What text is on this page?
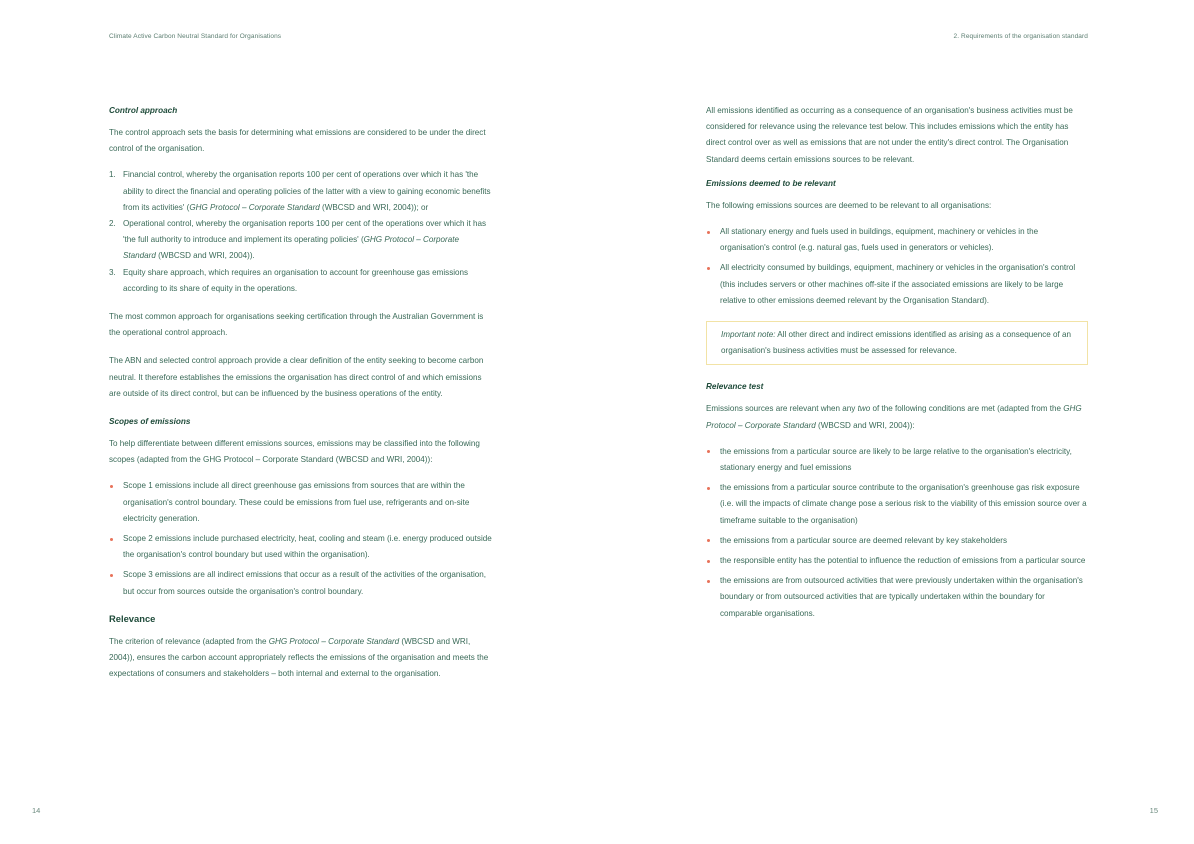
Climate Active Carbon Neutral Standard for Organisations	2. Requirements of the organisation standard
Control approach

The control approach sets the basis for determining what emissions are considered to be under the direct control of the organisation.

1. Financial control, whereby the organisation reports 100 per cent of operations over which it has 'the ability to direct the financial and operating policies of the latter with a view to gaining economic benefits from its activities' (GHG Protocol – Corporate Standard (WBCSD and WRI, 2004)); or
2. Operational control, whereby the organisation reports 100 per cent of the operations over which it has 'the full authority to introduce and implement its operating policies' (GHG Protocol – Corporate Standard (WBCSD and WRI, 2004)).
3. Equity share approach, which requires an organisation to account for greenhouse gas emissions according to its share of equity in the operations.

The most common approach for organisations seeking certification through the Australian Government is the operational control approach.

The ABN and selected control approach provide a clear definition of the entity seeking to become carbon neutral. It therefore establishes the emissions the organisation has direct control of and which emissions are outside of its direct control, but can be influenced by the business operations of the entity.

Scopes of emissions

To help differentiate between different emissions sources, emissions may be classified into the following scopes (adapted from the GHG Protocol – Corporate Standard (WBCSD and WRI, 2004)):

Scope 1 emissions include all direct greenhouse gas emissions from sources that are within the organisation's control boundary. These could be emissions from fuel use, refrigerants and on-site electricity generation.
Scope 2 emissions include purchased electricity, heat, cooling and steam (i.e. energy produced outside the organisation's control boundary but used within the organisation).
Scope 3 emissions are all indirect emissions that occur as a result of the activities of the organisation, but occur from sources outside the organisation's control boundary.
Relevance

The criterion of relevance (adapted from the GHG Protocol – Corporate Standard (WBCSD and WRI, 2004)), ensures the carbon account appropriately reflects the emissions of the organisation and meets the expectations of consumers and stakeholders – both internal and external to the organisation.

All emissions identified as occurring as a consequence of an organisation's business activities must be considered for relevance using the relevance test below. This includes emissions which the entity has direct control over as well as emissions that are not under the entity's direct control. The Organisation Standard deems certain emissions sources to be relevant.

Emissions deemed to be relevant

The following emissions sources are deemed to be relevant to all organisations:

All stationary energy and fuels used in buildings, equipment, machinery or vehicles in the organisation's control (e.g. natural gas, fuels used in generators or vehicles).
All electricity consumed by buildings, equipment, machinery or vehicles in the organisation's control (this includes servers or other machines off-site if the associated emissions are likely to be large relative to other emissions deemed relevant by the Organisation Standard).
Important note: All other direct and indirect emissions identified as arising as a consequence of an organisation's business activities must be assessed for relevance.
Relevance test

Emissions sources are relevant when any two of the following conditions are met (adapted from the GHG Protocol – Corporate Standard (WBCSD and WRI, 2004)):

the emissions from a particular source are likely to be large relative to the organisation's electricity, stationary energy and fuel emissions
the emissions from a particular source contribute to the organisation's greenhouse gas risk exposure (i.e. will the impacts of climate change pose a serious risk to the viability of this emission source over a timeframe suitable to the organisation)
the emissions from a particular source are deemed relevant by key stakeholders
the responsible entity has the potential to influence the reduction of emissions from a particular source
the emissions are from outsourced activities that were previously undertaken within the organisation's boundary or from outsourced activities that are typically undertaken within the boundary for comparable organisations.
14	15
